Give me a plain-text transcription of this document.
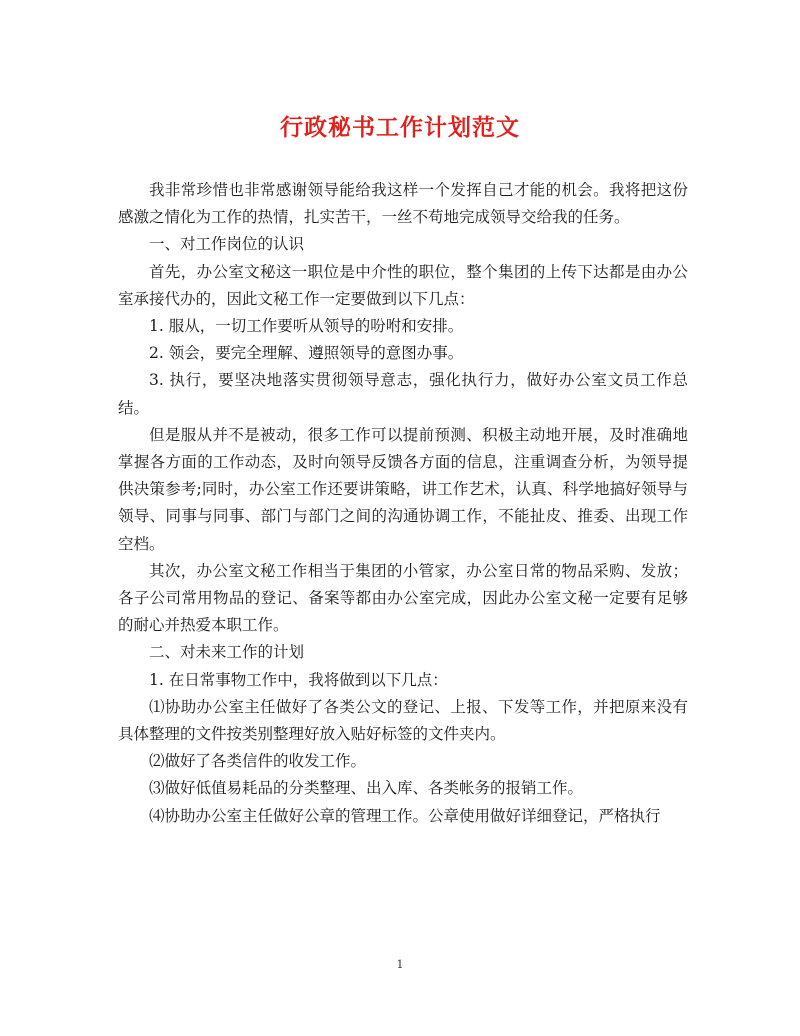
行政秘书工作计划范文

我非常珍惜也非常感谢领导能给我这样一个发挥自己才能的机会。我将把这份感激之情化为工作的热情，扎实苦干，一丝不苟地完成领导交给我的任务。

一、对工作岗位的认识

首先，办公室文秘这一职位是中介性的职位，整个集团的上传下达都是由办公室承接代办的，因此文秘工作一定要做到以下几点：

1. 服从，一切工作要听从领导的吩咐和安排。

2. 领会，要完全理解、遵照领导的意图办事。

3. 执行，要坚决地落实贯彻领导意志，强化执行力，做好办公室文员工作总结。

但是服从并不是被动，很多工作可以提前预测、积极主动地开展，及时准确地掌握各方面的工作动态，及时向领导反馈各方面的信息，注重调查分析，为领导提供决策参考;同时，办公室工作还要讲策略，讲工作艺术，认真、科学地搞好领导与领导、同事与同事、部门与部门之间的沟通协调工作，不能扯皮、推委、出现工作空档。

其次，办公室文秘工作相当于集团的小管家，办公室日常的物品采购、发放；各子公司常用物品的登记、备案等都由办公室完成，因此办公室文秘一定要有足够的耐心并热爱本职工作。

二、对未来工作的计划

1. 在日常事物工作中，我将做到以下几点：

⑴协助办公室主任做好了各类公文的登记、上报、下发等工作，并把原来没有具体整理的文件按类别整理好放入贴好标签的文件夹内。

⑵做好了各类信件的收发工作。

⑶做好低值易耗品的分类整理、出入库、各类帐务的报销工作。

⑷协助办公室主任做好公章的管理工作。公章使用做好详细登记，严格执行

1
